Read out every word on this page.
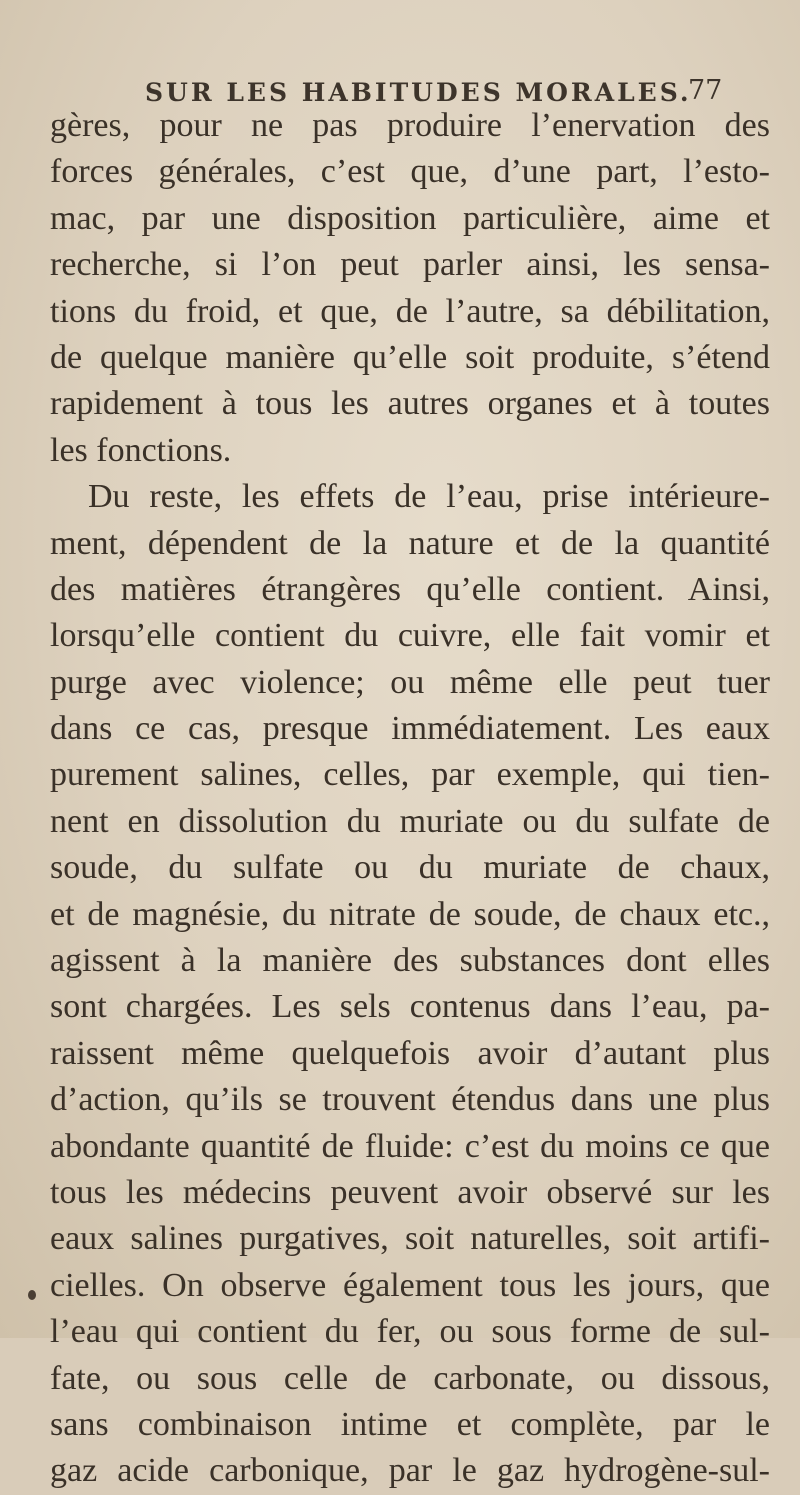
SUR LES HABITUDES MORALES.
77
gères, pour ne pas produire l’enervation des
forces générales, c’est que, d’une part, l’esto-
mac, par une disposition particulière, aime et
recherche, si l’on peut parler ainsi, les sensa-
tions du froid, et que, de l’autre, sa débilitation,
de quelque manière qu’elle soit produite, s’étend
rapidement à tous les autres organes et à toutes
les fonctions.
Du reste, les effets de l’eau, prise intérieure-
ment, dépendent de la nature et de la quantité
des matières étrangères qu’elle contient. Ainsi,
lorsqu’elle contient du cuivre, elle fait vomir et
purge avec violence; ou même elle peut tuer
dans ce cas, presque immédiatement. Les eaux
purement salines, celles, par exemple, qui tien-
nent en dissolution du muriate ou du sulfate de
soude, du sulfate ou du muriate de chaux,
et de magnésie, du nitrate de soude, de chaux etc.,
agissent à la manière des substances dont elles
sont chargées. Les sels contenus dans l’eau, pa-
raissent même quelquefois avoir d’autant plus
d’action, qu’ils se trouvent étendus dans une plus
abondante quantité de fluide: c’est du moins ce que
tous les médecins peuvent avoir observé sur les
eaux salines purgatives, soit naturelles, soit artifi-
cielles. On observe également tous les jours, que
l’eau qui contient du fer, ou sous forme de sul-
fate, ou sous celle de carbonate, ou dissous,
sans combinaison intime et complète, par le
gaz acide carbonique, par le gaz hydrogène-sul-
